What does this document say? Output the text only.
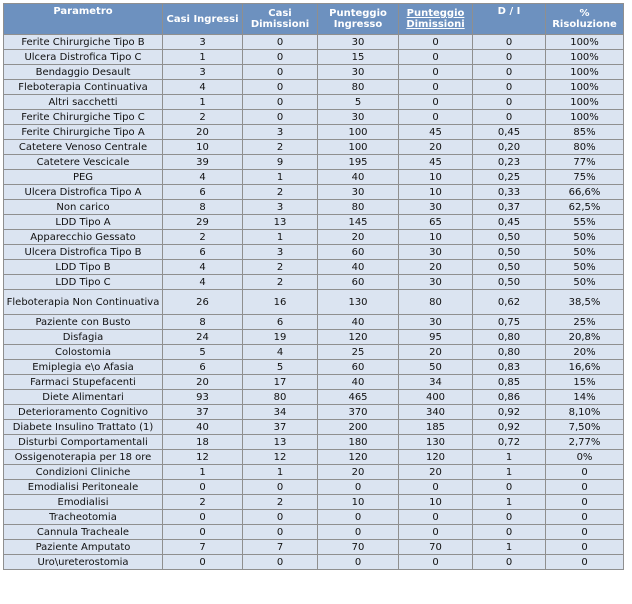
Parametro	Casi Ingressi	Casi Dimissioni	Punteggio Ingresso	Punteggio Dimissioni	D / I	% Risoluzione
Ferite Chirurgiche Tipo B	3	0	30	0	0	100%
Ulcera Distrofica Tipo C	1	0	15	0	0	100%
Bendaggio Desault	3	0	30	0	0	100%
Fleboterapia Continuativa	4	0	80	0	0	100%
Altri sacchetti	1	0	5	0	0	100%
Ferite Chirurgiche Tipo C	2	0	30	0	0	100%
Ferite Chirurgiche Tipo A	20	3	100	45	0,45	85%
Catetere Venoso Centrale	10	2	100	20	0,20	80%
Catetere Vescicale	39	9	195	45	0,23	77%
PEG	4	1	40	10	0,25	75%
Ulcera Distrofica Tipo A	6	2	30	10	0,33	66,6%
Non carico	8	3	80	30	0,37	62,5%
LDD Tipo A	29	13	145	65	0,45	55%
Apparecchio Gessato	2	1	20	10	0,50	50%
Ulcera Distrofica Tipo B	6	3	60	30	0,50	50%
LDD Tipo B	4	2	40	20	0,50	50%
LDD Tipo C	4	2	60	30	0,50	50%
Fleboterapia Non Continuativa	26	16	130	80	0,62	38,5%
Paziente con Busto	8	6	40	30	0,75	25%
Disfagia	24	19	120	95	0,80	20,8%
Colostomia	5	4	25	20	0,80	20%
Emiplegia e\o Afasia	6	5	60	50	0,83	16,6%
Farmaci Stupefacenti	20	17	40	34	0,85	15%
Diete Alimentari	93	80	465	400	0,86	14%
Deterioramento Cognitivo	37	34	370	340	0,92	8,10%
Diabete Insulino Trattato (1)	40	37	200	185	0,92	7,50%
Disturbi Comportamentali	18	13	180	130	0,72	2,77%
Ossigenoterapia per 18 ore	12	12	120	120	1	0%
Condizioni Cliniche	1	1	20	20	1	0
Emodialisi Peritoneale	0	0	0	0	0	0
Emodialisi	2	2	10	10	1	0
Tracheotomia	0	0	0	0	0	0
Cannula Tracheale	0	0	0	0	0	0
Paziente Amputato	7	7	70	70	1	0
Uro\ureterostomia	0	0	0	0	0	0
